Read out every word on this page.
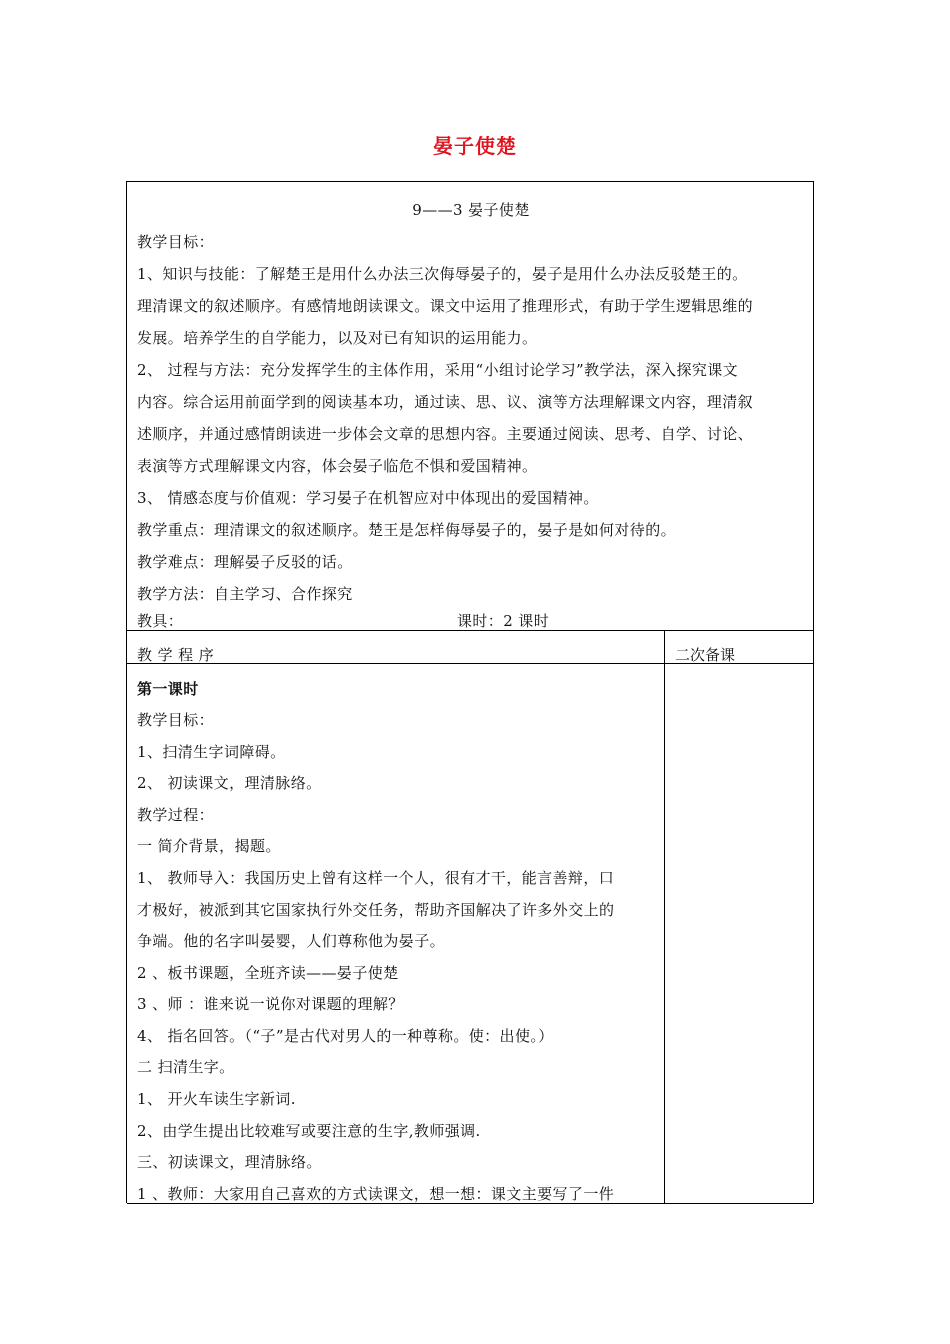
晏子使楚
9——3 晏子使楚
教学目标：
1、知识与技能：了解楚王是用什么办法三次侮辱晏子的，晏子是用什么办法反驳楚王的。
理清课文的叙述顺序。有感情地朗读课文。课文中运用了推理形式，有助于学生逻辑思维的
发展。培养学生的自学能力，以及对已有知识的运用能力。
2、 过程与方法：充分发挥学生的主体作用，采用“小组讨论学习”教学法，深入探究课文
内容。综合运用前面学到的阅读基本功，通过读、思、议、演等方法理解课文内容，理清叙
述顺序，并通过感情朗读进一步体会文章的思想内容。主要通过阅读、思考、自学、讨论、
表演等方式理解课文内容，体会晏子临危不惧和爱国精神。
3、 情感态度与价值观：学习晏子在机智应对中体现出的爱国精神。
教学重点：理清课文的叙述顺序。楚王是怎样侮辱晏子的，晏子是如何对待的。
教学难点：理解晏子反驳的话。
教学方法：自主学习、合作探究
教具：	课时：2 课时
教 学 程 序	二次备课
第一课时
教学目标：
1、扫清生字词障碍。
2、 初读课文，理清脉络。
教学过程：
一 简介背景，揭题。
1、 教师导入：我国历史上曾有这样一个人，很有才干，能言善辩，口
才极好，被派到其它国家执行外交任务，帮助齐国解决了许多外交上的
争端。他的名字叫晏婴，人们尊称他为晏子。
2 、板书课题，全班齐读——晏子使楚
3 、师 ：谁来说一说你对课题的理解？
4、 指名回答。（“子”是古代对男人的一种尊称。使：出使。）
二 扫清生字。
1、 开火车读生字新词.
2、由学生提出比较难写或要注意的生字,教师强调.
三、初读课文，理清脉络。
1 、教师：大家用自己喜欢的方式读课文，想一想：课文主要写了一件
